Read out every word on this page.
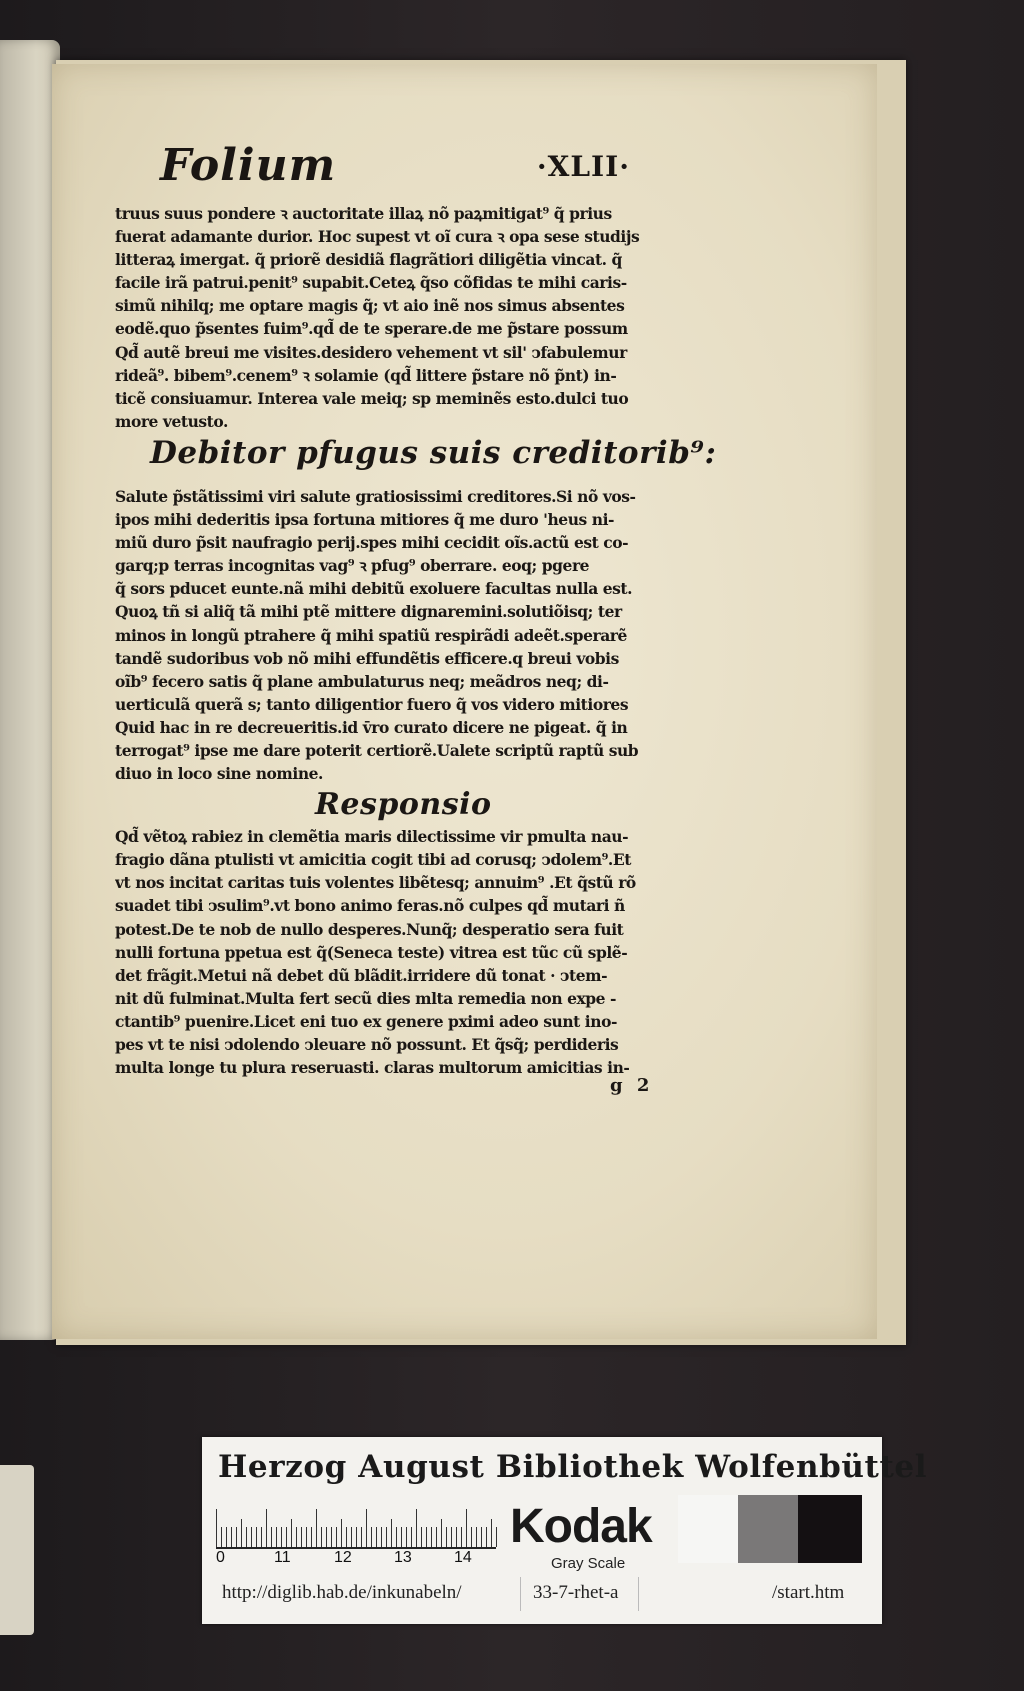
Folium	·XLII·
truus suus pondere ꝛ auctoritate illaꝝ nõ paꝝmitigat⁹ q̃ prius
fuerat adamante durior. Hoc supest vt oĩ cura ꝛ opa sese studijs
litteraꝝ imergat. q̃ priorẽ desidiã flagrãtiori diligẽtia vincat. q̃
facile irã patrui.penit⁹ supabit.Ceteꝝ q̃so cõfidas te mihi caris-
simũ nihilq; me optare magis q̃; vt aio inẽ nos simus absentes
eodẽ.quo p̃sentes fuim⁹.qd̃ de te sperare.de me p̃stare possum
Qd̃ autẽ breui me visites.desidero vehement vt sil' ↄfabulemur
rideã⁹. bibem⁹.cenem⁹ ꝛ solamie (qd̃ littere p̃stare nõ p̃nt) in-
ticẽ consiuamur. Interea vale meiq; sp meminẽs esto.dulci tuo
more vetusto.
Debitor pfugus suis creditorib⁹:
Salute p̃stãtissimi viri salute gratiosissimi creditores.Si nõ vos-
ipos mihi dederitis ipsa fortuna mitiores q̃ me duro 'heus ni-
miũ duro p̃sit naufragio perij.spes mihi cecidit oĩs.actũ est co-
garq;p terras incognitas vag⁹ ꝛ pfug⁹ oberrare. eoq; pgere
q̃ sors pducet eunte.nã mihi debitũ exoluere facultas nulla est.
Quoꝝ tñ si aliq̃ tã mihi ptẽ mittere dignaremini.solutiõisq; ter
minos in longũ ptrahere q̃ mihi spatiũ respirãdi adeẽt.sperarẽ
tandẽ sudoribus vob nõ mihi effundẽtis efficere.q breui vobis
oĩb⁹ fecero satis q̃ plane ambulaturus neq; meãdros neq; di-
uerticulã querã s; tanto diligentior fuero q̃ vos videro mitiores
Quid hac in re decreueritis.id v̄ro curato dicere ne pigeat. q̃ in
terrogat⁹ ipse me dare poterit certiorẽ.Ualete scriptũ raptũ sub
diuo in loco sine nomine.
Responsio
Qd̃ vẽtoꝝ rabiez in clemẽtia maris dilectissime vir pmulta nau-
fragio dãna ptulisti vt amicitia cogit tibi ad corusq; ↄdolem⁹.Et
vt nos incitat caritas tuis volentes libẽtesq; annuim⁹ .Et q̃stũ rõ
suadet tibi ↄsulim⁹.vt bono animo feras.nõ culpes qd̃ mutari ñ
potest.De te nob de nullo desperes.Nunq̃; desperatio sera fuit
nulli fortuna ppetua est q̃(Seneca teste) vitrea est tũc cũ splẽ-
det frãgit.Metui nã debet dũ blãdit.irridere dũ tonat · ↄtem-
nit dũ fulminat.Multa fert secũ dies mlta remedia non expe -
ctantib⁹ puenire.Licet eni tuo ex genere pximi adeo sunt ino-
pes vt te nisi ↄdolendo ↄleuare nõ possunt. Et q̃sq̃; perdideris
multa longe tu plura reseruasti. claras multorum amicitias in-
g 2
Herzog August Bibliothek Wolfenbüttel
0	11	12	13	14
Kodak
Gray Scale
http://diglib.hab.de/inkunabeln/	33-7-rhet-a	/start.htm
